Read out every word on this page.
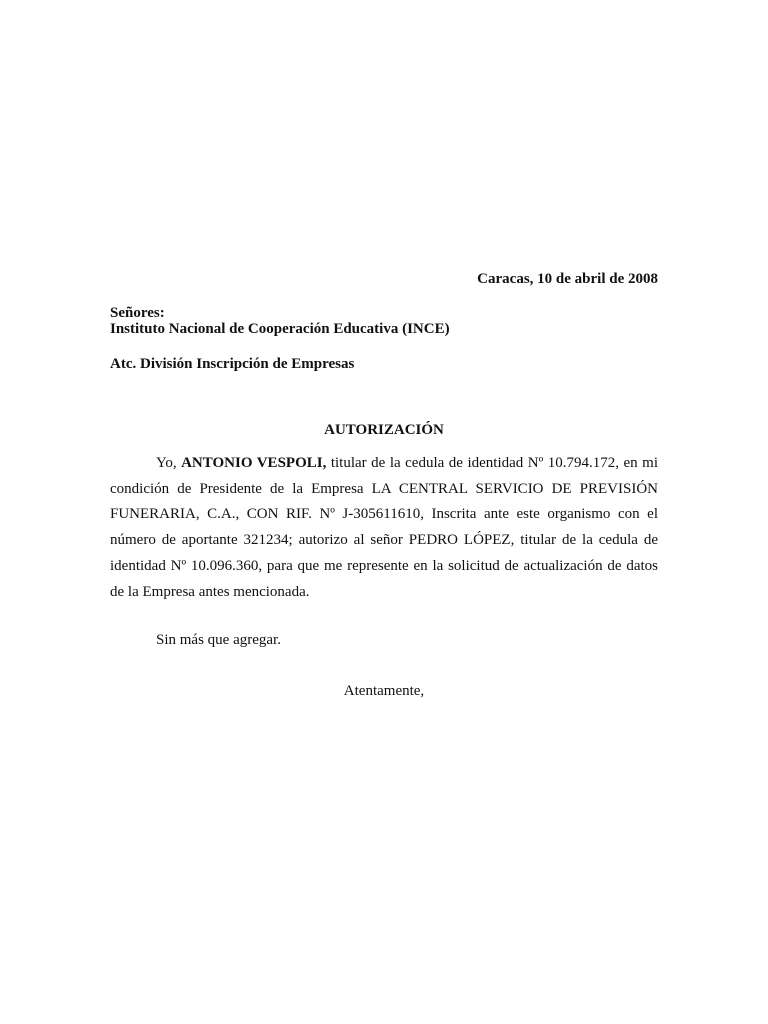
Caracas, 10 de abril de 2008
Señores:
Instituto Nacional de Cooperación Educativa (INCE)
Atc. División Inscripción de Empresas
AUTORIZACIÓN

Yo, ANTONIO VESPOLI, titular de la cedula de identidad Nº 10.794.172, en mi condición de Presidente de la Empresa LA CENTRAL SERVICIO DE PREVISIÓN FUNERARIA, C.A., CON RIF. Nº J-305611610, Inscrita ante este organismo con el número de aportante 321234; autorizo al señor PEDRO LÓPEZ, titular de la cedula de identidad Nº 10.096.360, para que me represente en la solicitud de actualización de datos de la Empresa antes mencionada.

Sin más que agregar.
Atentamente,
